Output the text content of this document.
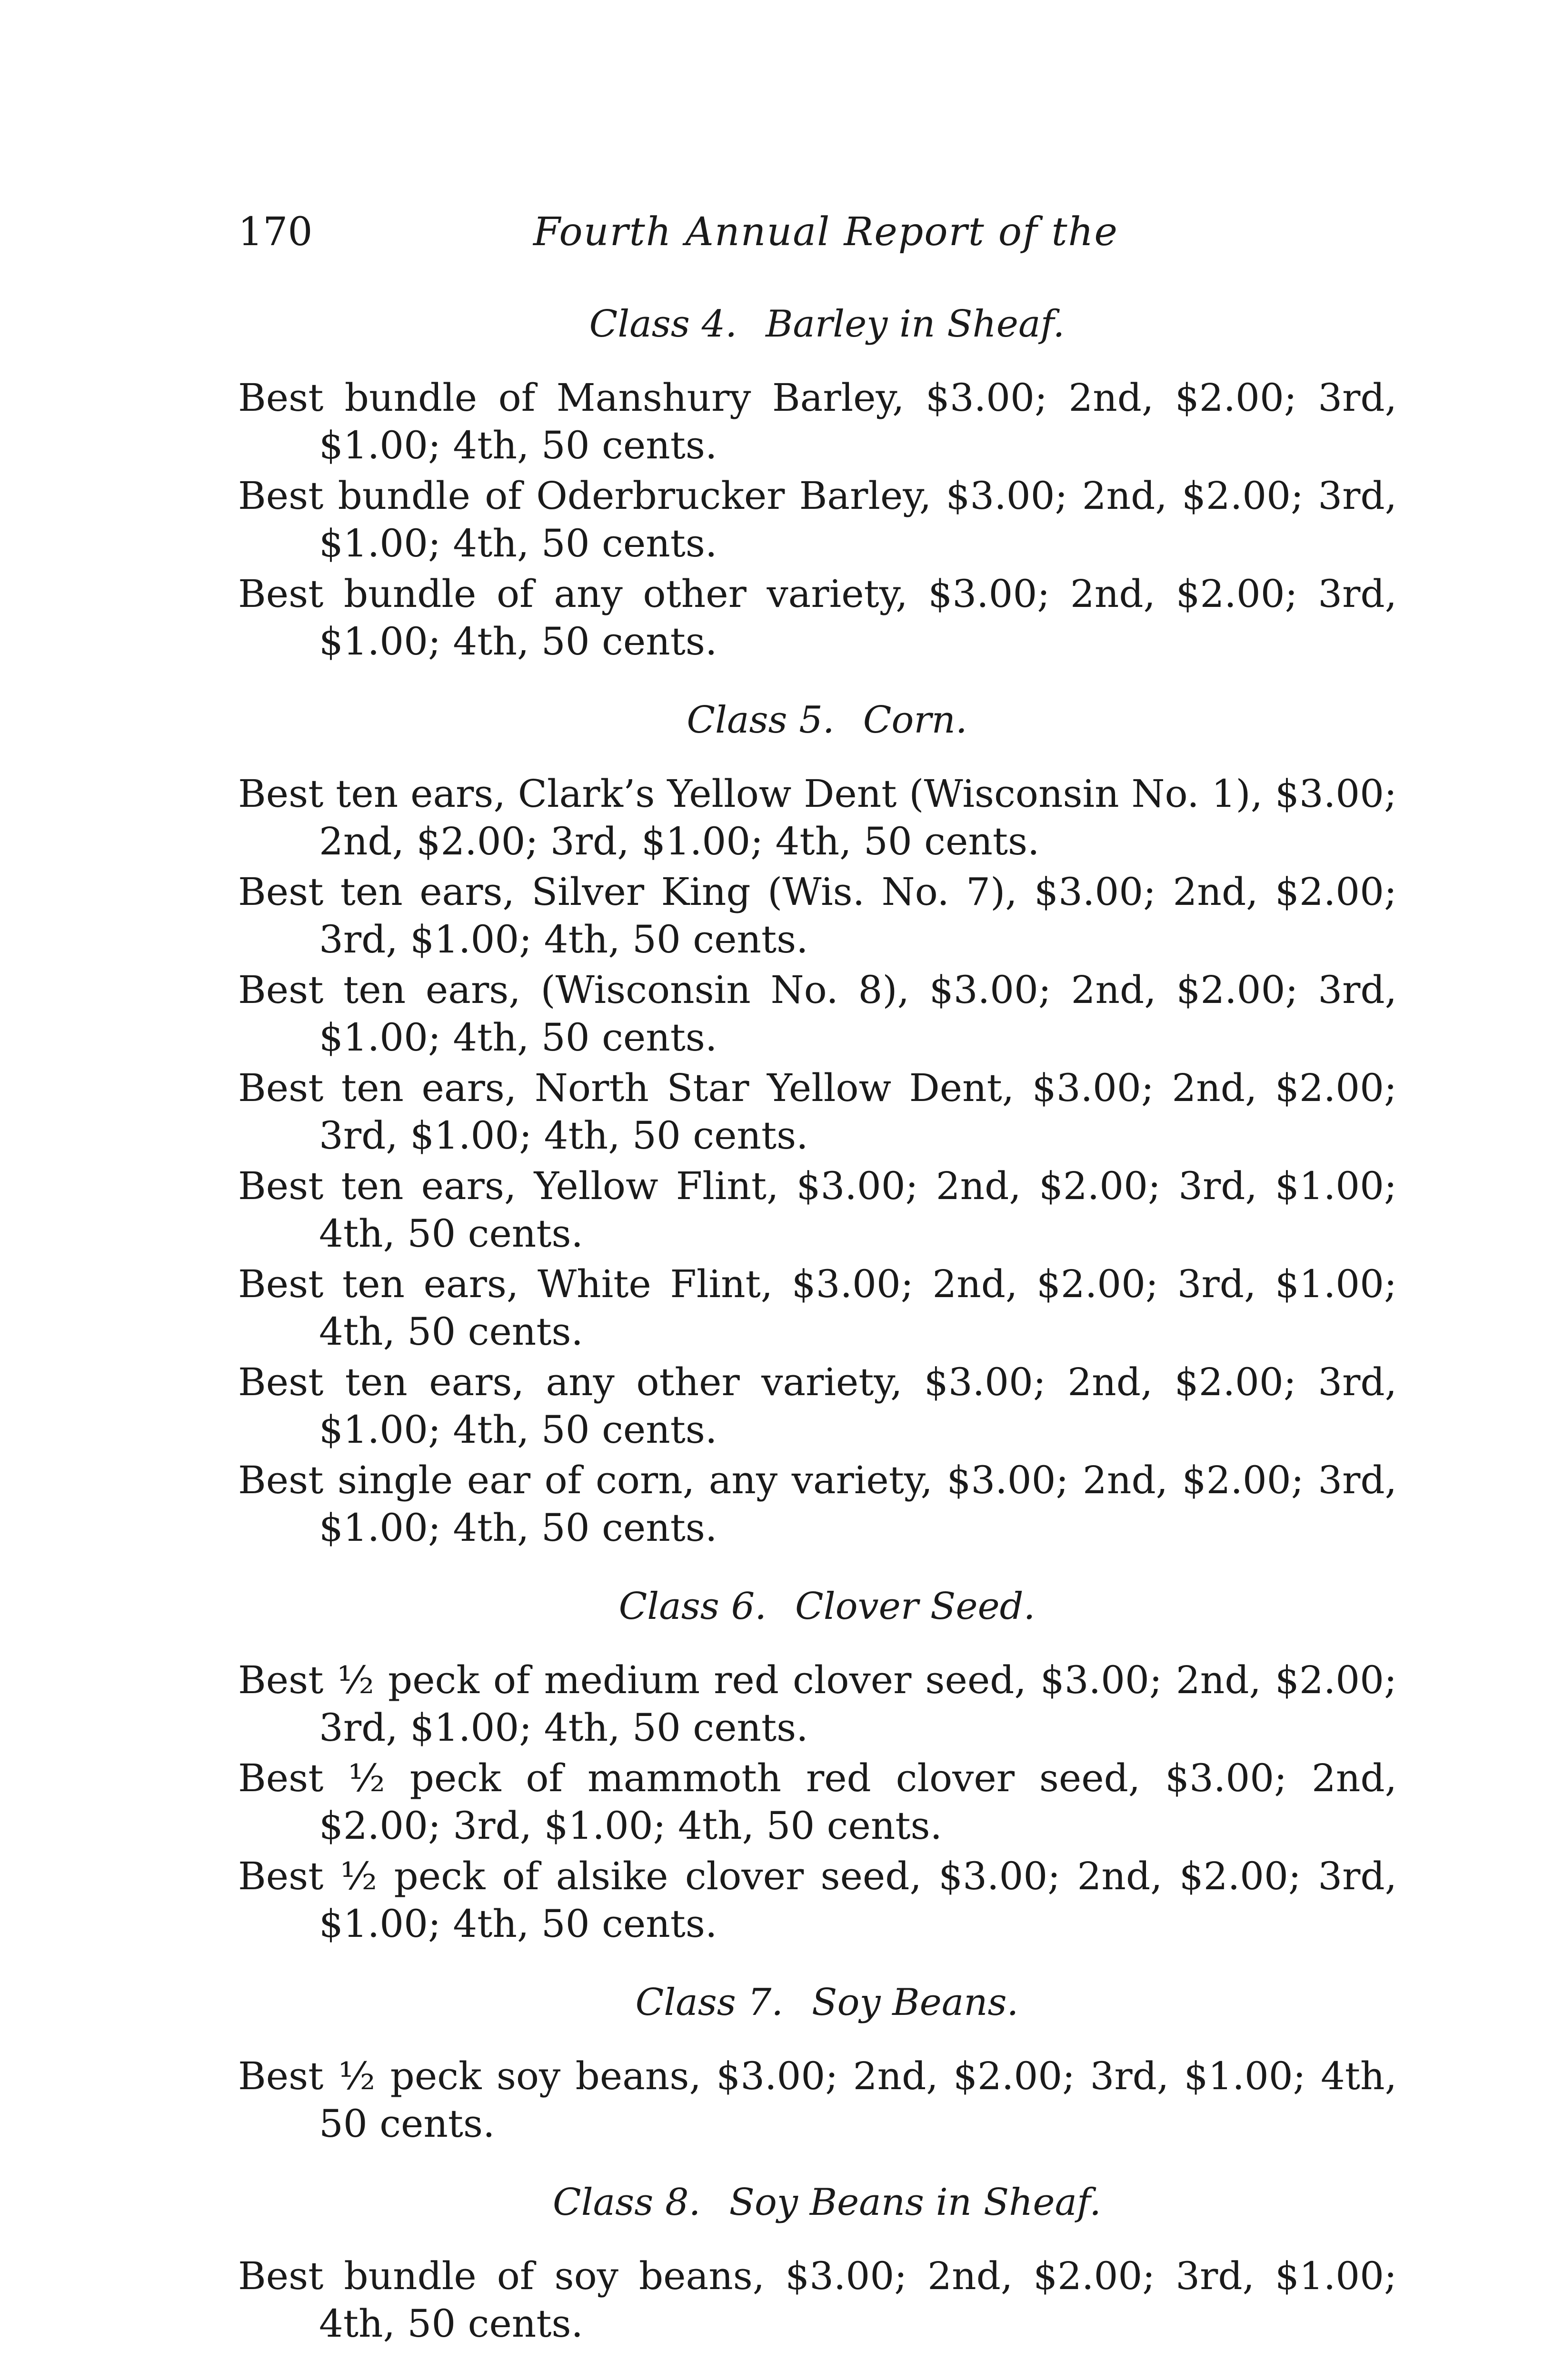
170	Fourth Annual Report of the
Class 4. Barley in Sheaf.

Best bundle of Manshury Barley, $3.00; 2nd, $2.00; 3rd, $1.00; 4th, 50 cents.

Best bundle of Oderbrucker Barley, $3.00; 2nd, $2.00; 3rd, $1.00; 4th, 50 cents.

Best bundle of any other variety, $3.00; 2nd, $2.00; 3rd, $1.00; 4th, 50 cents.

Class 5. Corn.

Best ten ears, Clark’s Yellow Dent (Wisconsin No. 1), $3.00; 2nd, $2.00; 3rd, $1.00; 4th, 50 cents.

Best ten ears, Silver King (Wis. No. 7), $3.00; 2nd, $2.00; 3rd, $1.00; 4th, 50 cents.

Best ten ears, (Wisconsin No. 8), $3.00; 2nd, $2.00; 3rd, $1.00; 4th, 50 cents.

Best ten ears, North Star Yellow Dent, $3.00; 2nd, $2.00; 3rd, $1.00; 4th, 50 cents.

Best ten ears, Yellow Flint, $3.00; 2nd, $2.00; 3rd, $1.00; 4th, 50 cents.

Best ten ears, White Flint, $3.00; 2nd, $2.00; 3rd, $1.00; 4th, 50 cents.

Best ten ears, any other variety, $3.00; 2nd, $2.00; 3rd, $1.00; 4th, 50 cents.

Best single ear of corn, any variety, $3.00; 2nd, $2.00; 3rd, $1.00; 4th, 50 cents.

Class 6. Clover Seed.

Best ½ peck of medium red clover seed, $3.00; 2nd, $2.00; 3rd, $1.00; 4th, 50 cents.

Best ½ peck of mammoth red clover seed, $3.00; 2nd, $2.00; 3rd, $1.00; 4th, 50 cents.

Best ½ peck of alsike clover seed, $3.00; 2nd, $2.00; 3rd, $1.00; 4th, 50 cents.

Class 7. Soy Beans.

Best ½ peck soy beans, $3.00; 2nd, $2.00; 3rd, $1.00; 4th, 50 cents.

Class 8. Soy Beans in Sheaf.

Best bundle of soy beans, $3.00; 2nd, $2.00; 3rd, $1.00; 4th, 50 cents.
